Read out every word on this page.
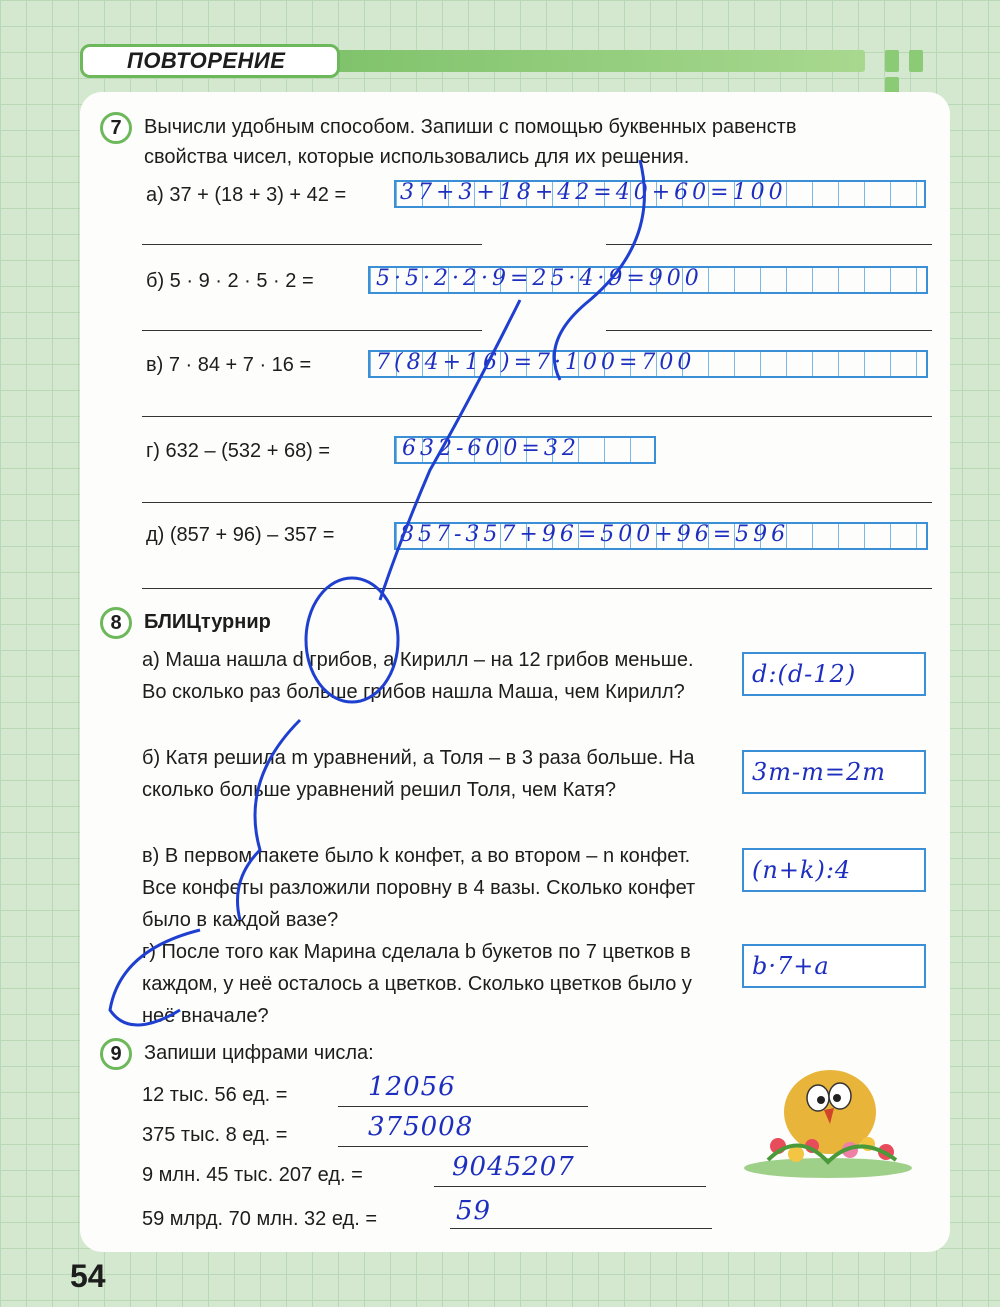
ПОВТОРЕНИЕ
7	Вычисли удобным способом. Запиши с помощью буквенных равенств
свойства чисел, которые использовались для их решения.
а) 37 + (18 + 3) + 42 = 37+3+18+42=40+60=100
б) 5 · 9 · 2 · 5 · 2 =	5·5·2·2·9=25·4·9=900
в) 7 · 84 + 7 · 16 =	7(84+16)=7·100=700
г) 632 – (532 + 68) =	632-600=32
д) (857 + 96) – 357 =	857-357+96=500+96=596
8	БЛИЦтурнир
а) Маша нашла d грибов, а Кирилл – на 12 грибов меньше. Во сколько раз больше грибов нашла Маша, чем Кирилл?
d:(d-12)
б) Катя решила m уравнений, а Толя – в 3 раза больше. На сколько больше уравнений решил Толя, чем Катя?
3m-m=2m
в) В первом пакете было k конфет, а во втором – n конфет. Все конфеты разложили поровну в 4 вазы. Сколько конфет было в каждой вазе?
(n+k):4
г) После того как Марина сделала b букетов по 7 цветков в каждом, у неё осталось a цветков. Сколько цветков было у неё вначале?
b·7+a
9	Запиши цифрами числа:
12 тыс. 56 ед. =	12056
375 тыс. 8 ед. =	375008
9 млн. 45 тыс. 207 ед. =	9045207
59 млрд. 70 млн. 32 ед. =	59
54
